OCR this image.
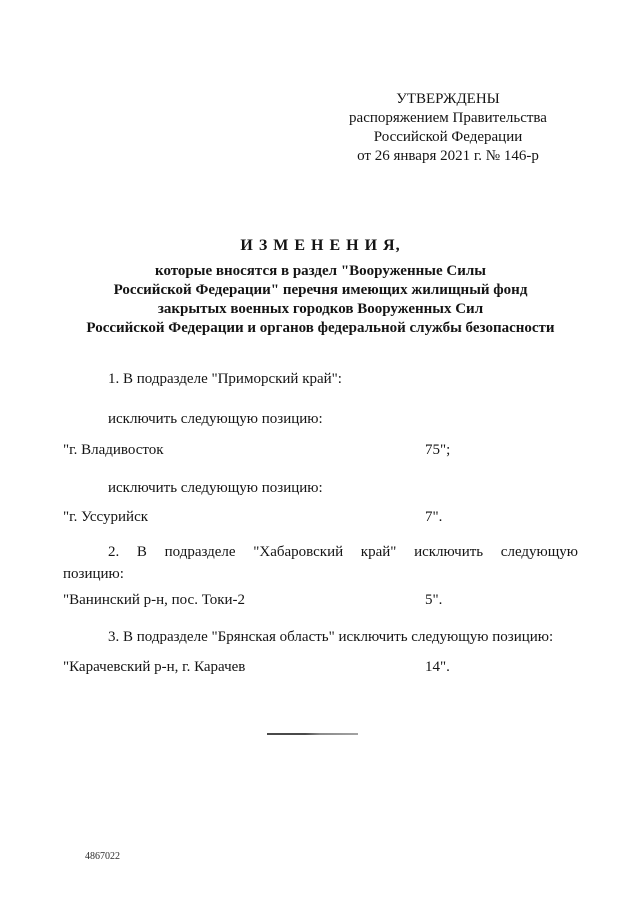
УТВЕРЖДЕНЫ
распоряжением Правительства
Российской Федерации
от 26 января 2021 г. № 146-р
И З М Е Н Е Н И Я,
которые вносятся в раздел "Вооруженные Силы
Российской Федерации" перечня имеющих жилищный фонд
закрытых военных городков Вооруженных Сил
Российской Федерации и органов федеральной службы безопасности
1. В подразделе "Приморский край":
исключить следующую позицию:
"г. Владивосток	75";
исключить следующую позицию:
"г. Уссурийск	7".
2. В подразделе "Хабаровский край" исключить следующую
позицию:
"Ванинский р-н, пос. Токи-2	5".
3. В подразделе "Брянская область" исключить следующую позицию:
"Карачевский р-н, г. Карачев	14".
4867022
